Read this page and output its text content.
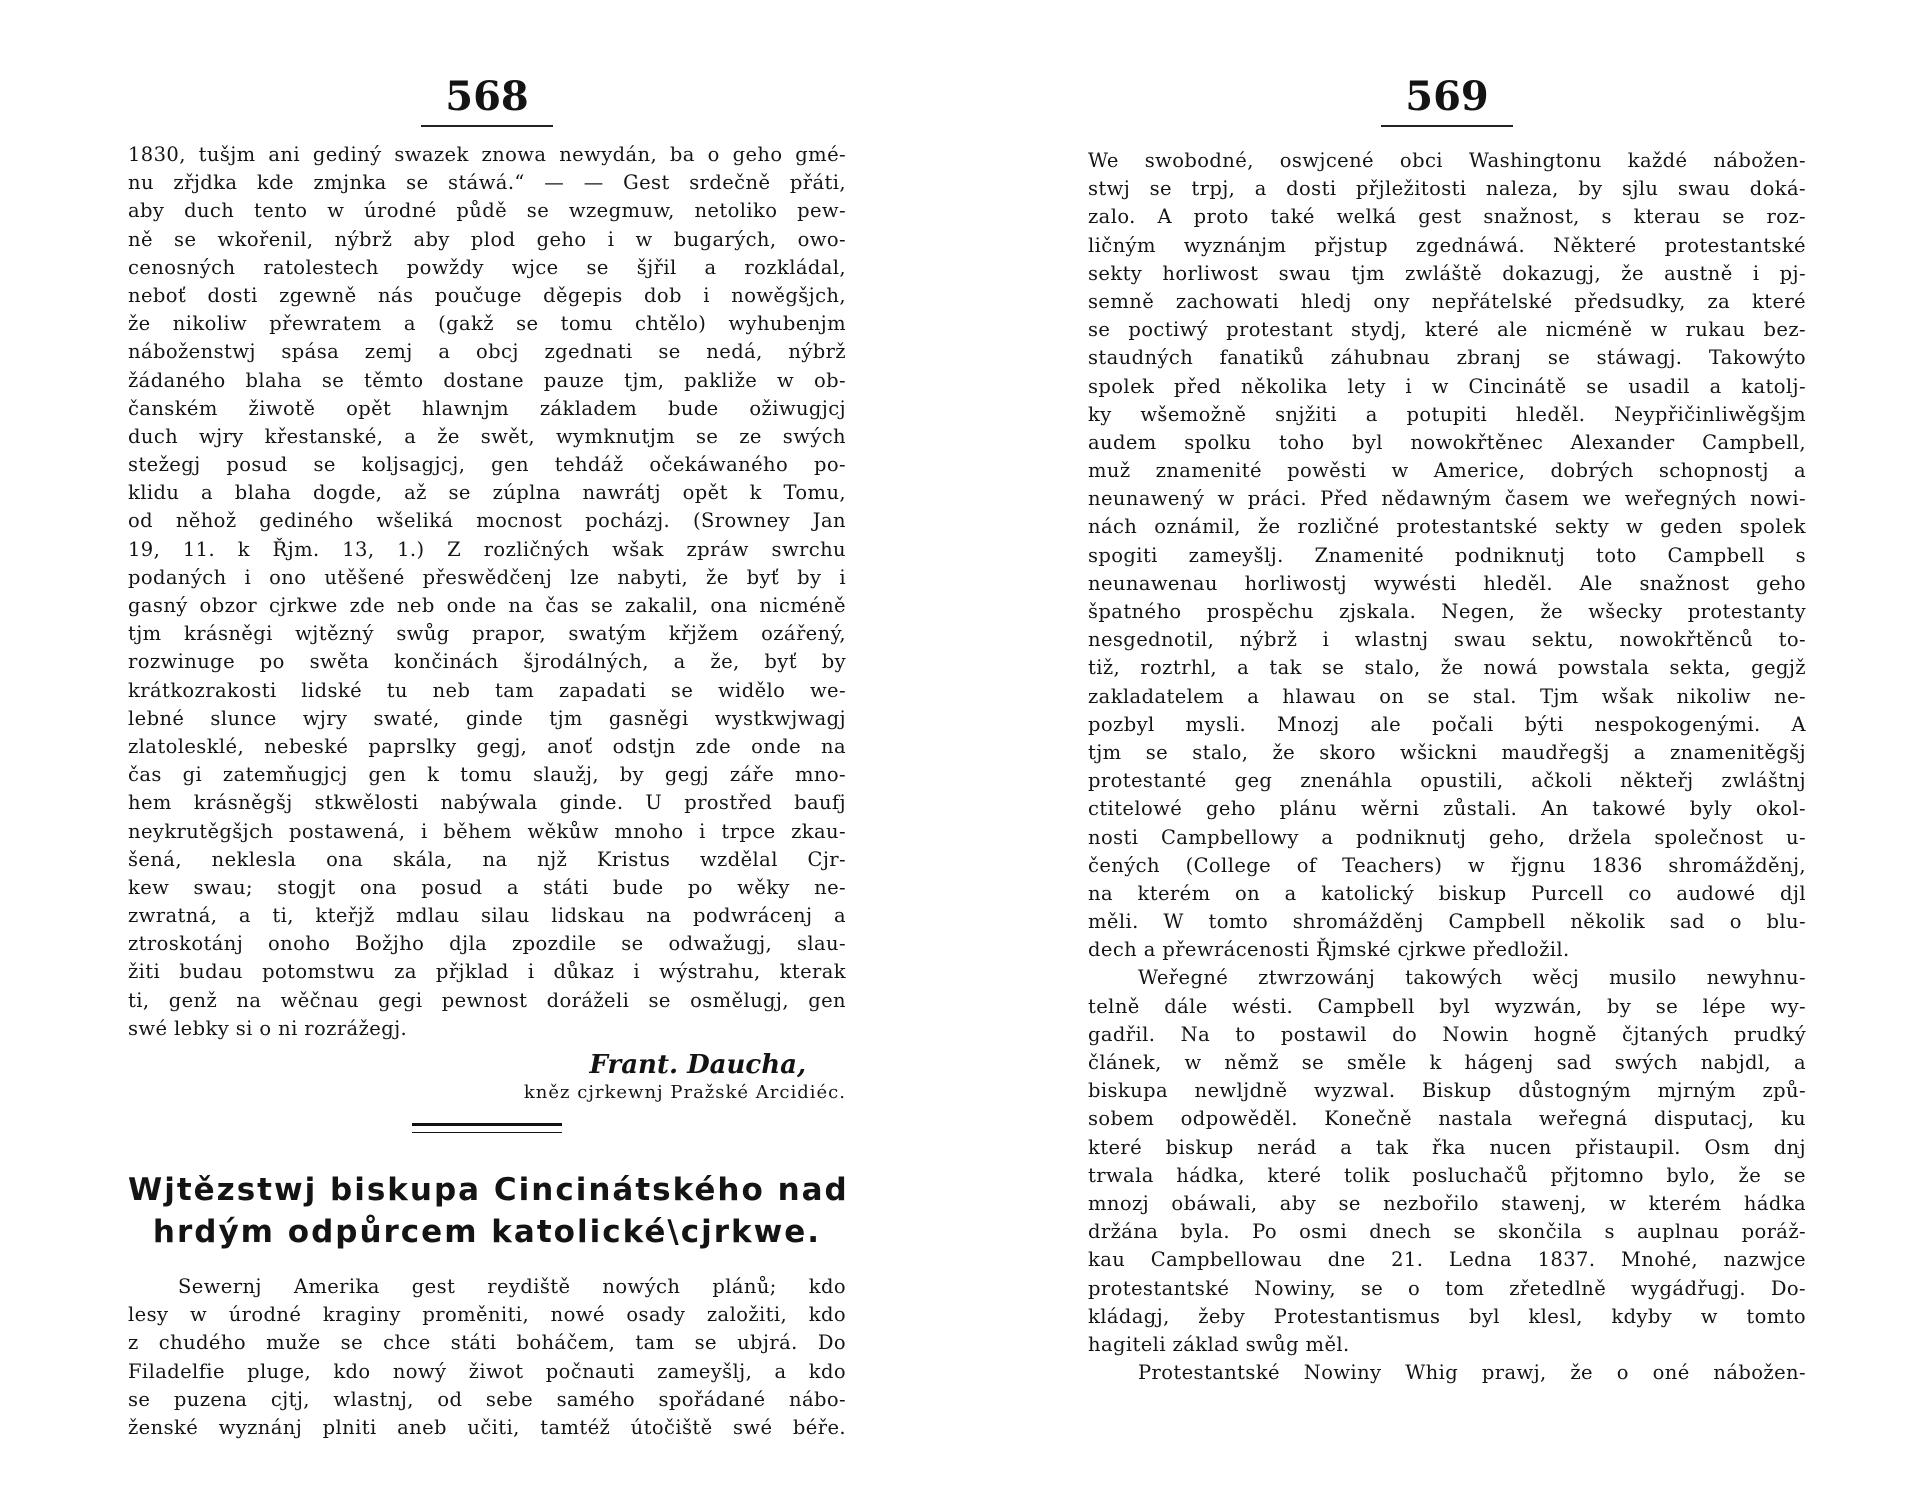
568
1830, tušjm ani gediný swazek znowa newydán, ba o geho gmé-
nu zřjdka kde zmjnka se stáwá.“ — — Gest srdečně přáti,
aby duch tento w úrodné půdě se wzegmuw, netoliko pew-
ně se wkořenil, nýbrž aby plod geho i w bugarých, owo-
cenosných ratolestech powždy wjce se šjřil a rozkládal,
neboť dosti zgewně nás poučuge děgepis dob i nowěgšjch,
že nikoliw přewratem a (gakž se tomu chtělo) wyhubenjm
náboženstwj spása zemj a obcj zgednati se nedá, nýbrž
žádaného blaha se těmto dostane pauze tjm, pakliže w ob-
čanském žiwotě opět hlawnjm základem bude ožiwugjcj
duch wjry křestanské, a že swět, wymknutjm se ze swých
stežegj posud se koljsagjcj, gen tehdáž očekáwaného po-
klidu a blaha dogde, až se zúplna nawrátj opět k Tomu,
od něhož gediného wšeliká mocnost pocházj. (Srowney Jan
19, 11. k Řjm. 13, 1.) Z rozličných wšak zpráw swrchu
podaných i ono utěšené přeswědčenj lze nabyti, že byť by i
gasný obzor cjrkwe zde neb onde na čas se zakalil, ona nicméně
tjm krásněgi wjtězný swůg prapor, swatým křjžem ozářený,
rozwinuge po swěta končinách šjrodálných, a že, byť by
krátkozrakosti lidské tu neb tam zapadati se widělo we-
lebné slunce wjry swaté, ginde tjm gasněgi wystkwjwagj
zlatolesklé, nebeské paprslky gegj, anoť odstjn zde onde na
čas gi zatemňugjcj gen k tomu slaužj, by gegj záře mno-
hem krásněgšj stkwělosti nabýwala ginde. U prostřed baufj
neykrutěgšjch postawená, i během wěkůw mnoho i trpce zkau-
šená, neklesla ona skála, na njž Kristus wzdělal Cjr-
kew swau; stogjt ona posud a státi bude po wěky ne-
zwratná, a ti, kteřjž mdlau silau lidskau na podwrácenj a
ztroskotánj onoho Božjho djla zpozdile se odwažugj, slau-
žiti budau potomstwu za přjklad i důkaz i wýstrahu, kterak
ti, genž na wěčnau gegi pewnost doráželi se osmělugj, gen
swé lebky si o ni rozrážegj.
Frant. Daucha,
kněz cjrkewnj Pražské Arcidiéc.
Wjtězstwj biskupa Cincinátského nad
hrdým odpůrcem katolické\cjrkwe.
Sewernj Amerika gest reydiště nowých plánů; kdo
lesy w úrodné kraginy proměniti, nowé osady založiti, kdo
z chudého muže se chce státi boháčem, tam se ubjrá. Do
Filadelfie pluge, kdo nowý žiwot počnauti zameyšlj, a kdo
se puzena cjtj, wlastnj, od sebe samého spořádané nábo-
ženské wyznánj plniti aneb učiti, tamtéž útočiště swé béře.
569
We swobodné, oswjcené obci Washingtonu každé nábožen-
stwj se trpj, a dosti přjležitosti naleza, by sjlu swau doká-
zalo. A proto také welká gest snažnost, s kterau se roz-
ličným wyznánjm přjstup zgednáwá. Některé protestantské
sekty horliwost swau tjm zwláště dokazugj, že austně i pj-
semně zachowati hledj ony nepřátelské předsudky, za které
se poctiwý protestant stydj, které ale nicméně w rukau bez-
staudných fanatiků záhubnau zbranj se stáwagj. Takowýto
spolek před několika lety i w Cincinátě se usadil a katolj-
ky wšemožně snjžiti a potupiti hleděl. Neypřičinliwěgšjm
audem spolku toho byl nowokřtěnec Alexander Campbell,
muž znamenité powěsti w Americe, dobrých schopnostj a
neunawený w práci. Před nědawným časem we weřegných nowi-
nách oznámil, že rozličné protestantské sekty w geden spolek
spogiti zameyšlj. Znamenité podniknutj toto Campbell s
neunawenau horliwostj wywésti hleděl. Ale snažnost geho
špatného prospěchu zjskala. Negen, že wšecky protestanty
nesgednotil, nýbrž i wlastnj swau sektu, nowokřtěnců to-
tiž, roztrhl, a tak se stalo, že nowá powstala sekta, gegjž
zakladatelem a hlawau on se stal. Tjm wšak nikoliw ne-
pozbyl mysli. Mnozj ale počali býti nespokogenými. A
tjm se stalo, že skoro wšickni maudřegšj a znamenitěgšj
protestanté geg znenáhla opustili, ačkoli někteřj zwláštnj
ctitelowé geho plánu wěrni zůstali. An takowé byly okol-
nosti Campbellowy a podniknutj geho, držela společnost u-
čených (College of Teachers) w řjgnu 1836 shromážděnj,
na kterém on a katolický biskup Purcell co audowé djl
měli. W tomto shromážděnj Campbell několik sad o blu-
dech a přewrácenosti Řjmské cjrkwe předložil.
Weřegné ztwrzowánj takowých wěcj musilo newyhnu-
telně dále wésti. Campbell byl wyzwán, by se lépe wy-
gadřil. Na to postawil do Nowin hogně čjtaných prudký
článek, w němž se směle k hágenj sad swých nabjdl, a
biskupa newljdně wyzwal. Biskup důstogným mjrným způ-
sobem odpowěděl. Konečně nastala weřegná disputacj, ku
které biskup nerád a tak řka nucen přistaupil. Osm dnj
trwala hádka, které tolik posluchačů přjtomno bylo, že se
mnozj obáwali, aby se nezbořilo stawenj, w kterém hádka
držána byla. Po osmi dnech se skončila s auplnau poráž-
kau Campbellowau dne 21. Ledna 1837. Mnohé, nazwjce
protestantské Nowiny, se o tom zřetedlně wygádřugj. Do-
kládagj, žeby Protestantismus byl klesl, kdyby w tomto
hagiteli základ swůg měl.
Protestantské Nowiny Whig prawj, že o oné nábožen-
